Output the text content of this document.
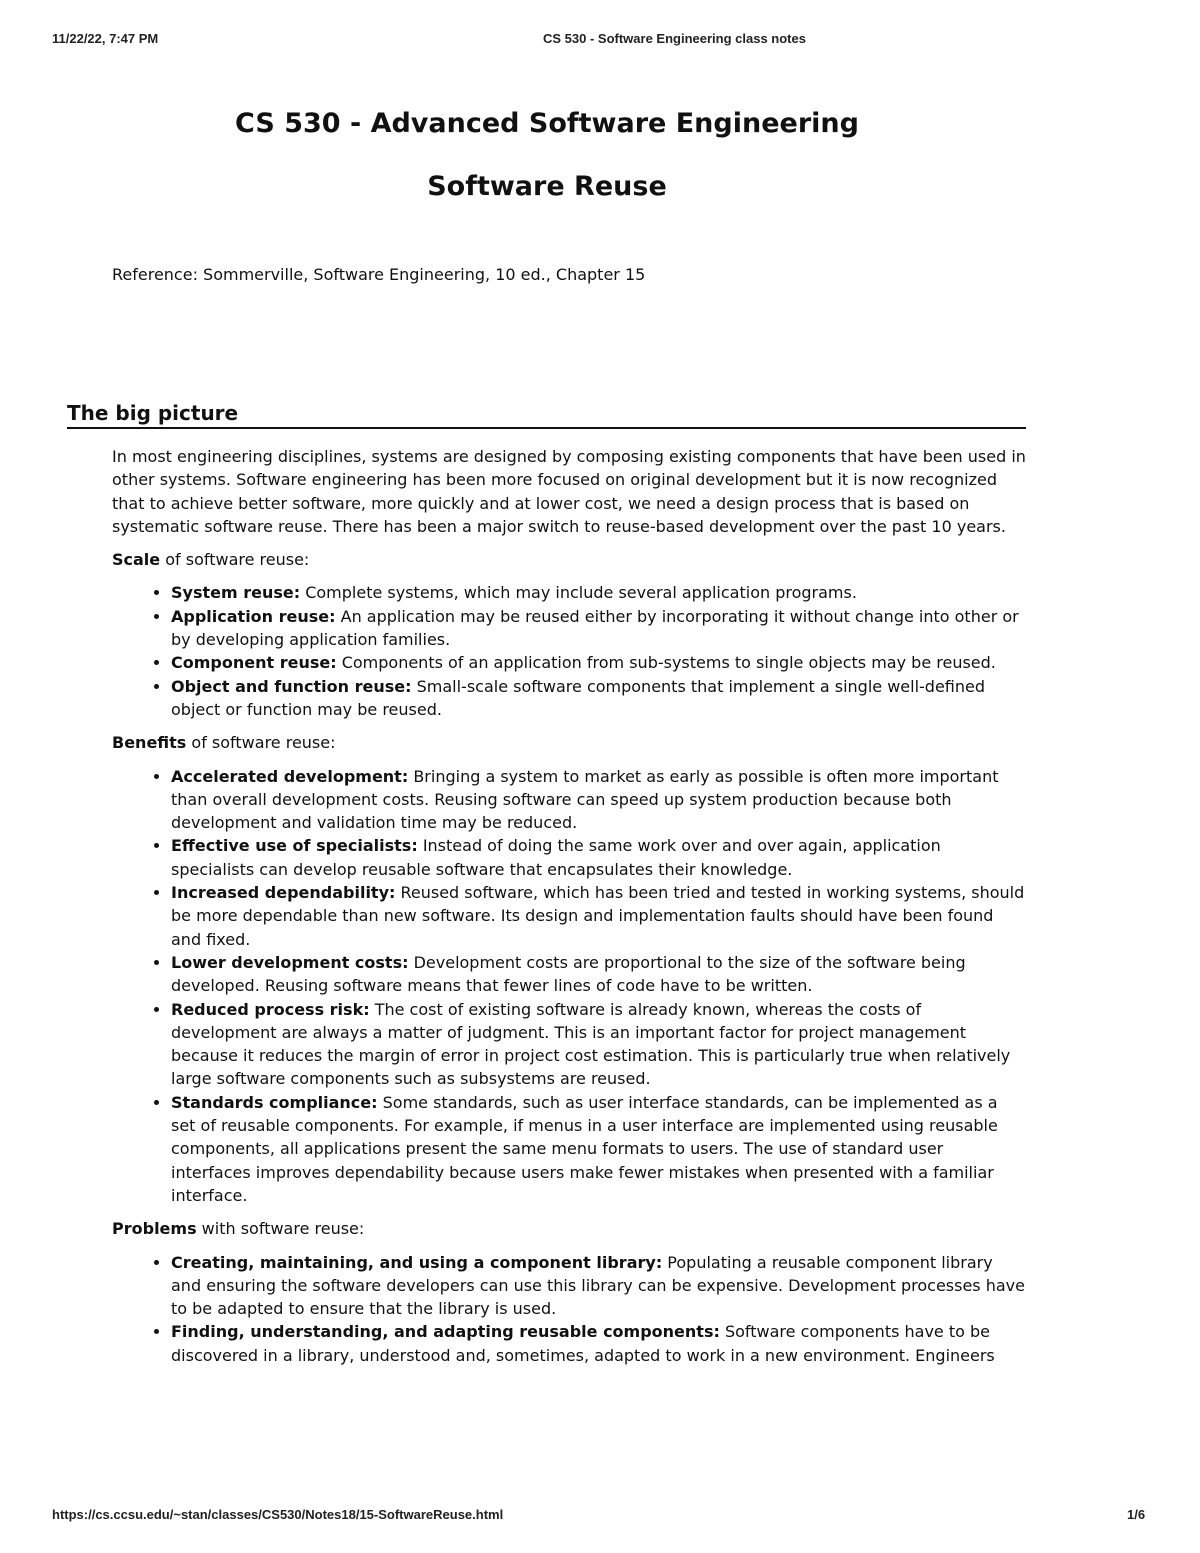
11/22/22, 7:47 PM	CS 530 - Software Engineering class notes
CS 530 - Advanced Software Engineering
Software Reuse
Reference: Sommerville, Software Engineering, 10 ed., Chapter 15
The big picture

In most engineering disciplines, systems are designed by composing existing components that have been used in other systems. Software engineering has been more focused on original development but it is now recognized that to achieve better software, more quickly and at lower cost, we need a design process that is based on systematic software reuse. There has been a major switch to reuse-based development over the past 10 years.

Scale of software reuse:

• System reuse: Complete systems, which may include several application programs.
• Application reuse: An application may be reused either by incorporating it without change into other or by developing application families.
• Component reuse: Components of an application from sub-systems to single objects may be reused.
• Object and function reuse: Small-scale software components that implement a single well-defined object or function may be reused.

Benefits of software reuse:

• Accelerated development: Bringing a system to market as early as possible is often more important than overall development costs. Reusing software can speed up system production because both development and validation time may be reduced.
• Effective use of specialists: Instead of doing the same work over and over again, application specialists can develop reusable software that encapsulates their knowledge.
• Increased dependability: Reused software, which has been tried and tested in working systems, should be more dependable than new software. Its design and implementation faults should have been found and fixed.
• Lower development costs: Development costs are proportional to the size of the software being developed. Reusing software means that fewer lines of code have to be written.
• Reduced process risk: The cost of existing software is already known, whereas the costs of development are always a matter of judgment. This is an important factor for project management because it reduces the margin of error in project cost estimation. This is particularly true when relatively large software components such as subsystems are reused.
• Standards compliance: Some standards, such as user interface standards, can be implemented as a set of reusable components. For example, if menus in a user interface are implemented using reusable components, all applications present the same menu formats to users. The use of standard user interfaces improves dependability because users make fewer mistakes when presented with a familiar interface.

Problems with software reuse:

• Creating, maintaining, and using a component library: Populating a reusable component library and ensuring the software developers can use this library can be expensive. Development processes have to be adapted to ensure that the library is used.
• Finding, understanding, and adapting reusable components: Software components have to be discovered in a library, understood and, sometimes, adapted to work in a new environment. Engineers
https://cs.ccsu.edu/~stan/classes/CS530/Notes18/15-SoftwareReuse.html	1/6
